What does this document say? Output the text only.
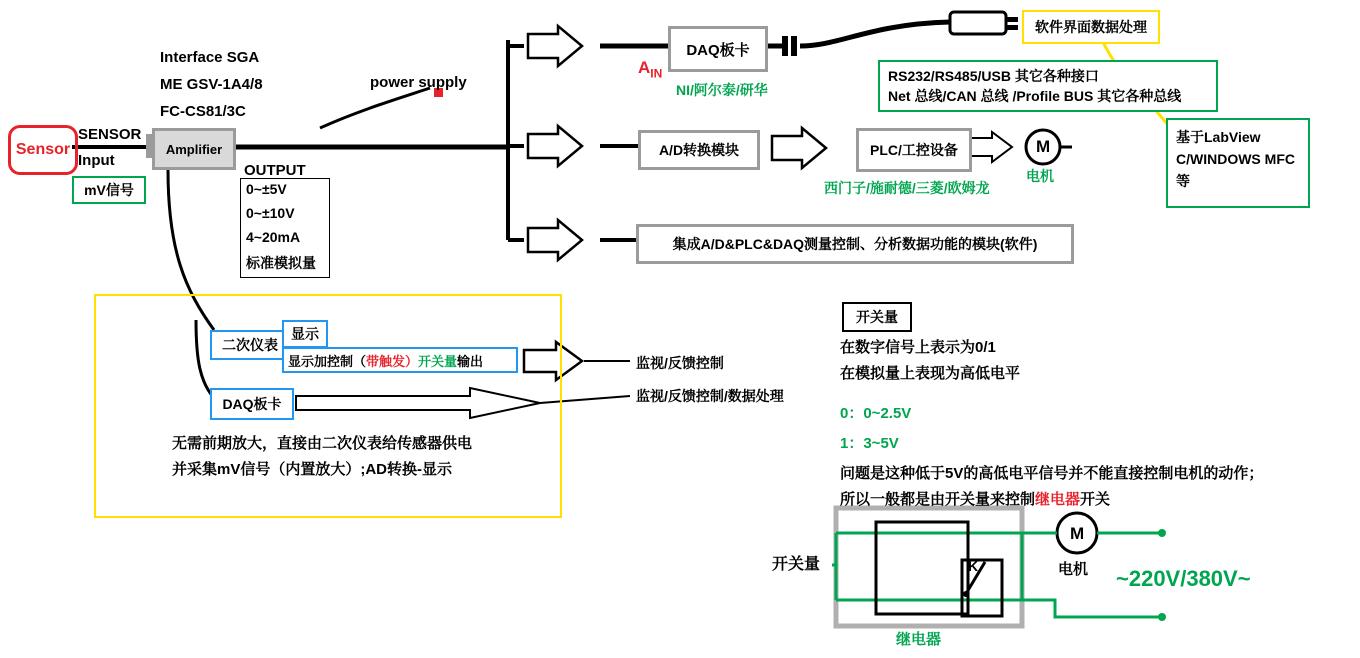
Sensor
SENSOR
Input
mV信号
Amplifier
Interface SGA
ME GSV-1A4/8
FC-CS81/3C
power supply
OUTPUT
0~±5V
0~±10V
4~20mA
标准模拟量
DAQ板卡
$A_{IN}$
NI/阿尔泰/研华
软件界面数据处理
RS232/RS485/USB 其它各种接口
Net 总线/CAN 总线 /Profile BUS 其它各种总线
基于LabView
C/WINDOWS MFC
等
A/D转换模块	PLC/工控设备
西门子/施耐德/三菱/欧姆龙
M
电机
集成A/D&PLC&DAQ测量控制、分析数据功能的模块(软件)
二次仪表
显示
显示加控制（ 带触发） 开关量 输出
DAQ板卡
监视/反馈控制
监视/反馈控制/数据处理
无需前期放大，直接由二次仪表给传感器供电
并采集mV信号（内置放大）;AD转换-显示
开关量
在数字信号上表示为0/1
在模拟量上表现为高低电平
0：0~2.5V
1：3~5V
问题是这种低于5V的高低电平信号并不能直接控制电机的动作；
所以一般都是由开关量来控制继电器开关
开关量	K
M
电机
继电器
~220V/380V~
